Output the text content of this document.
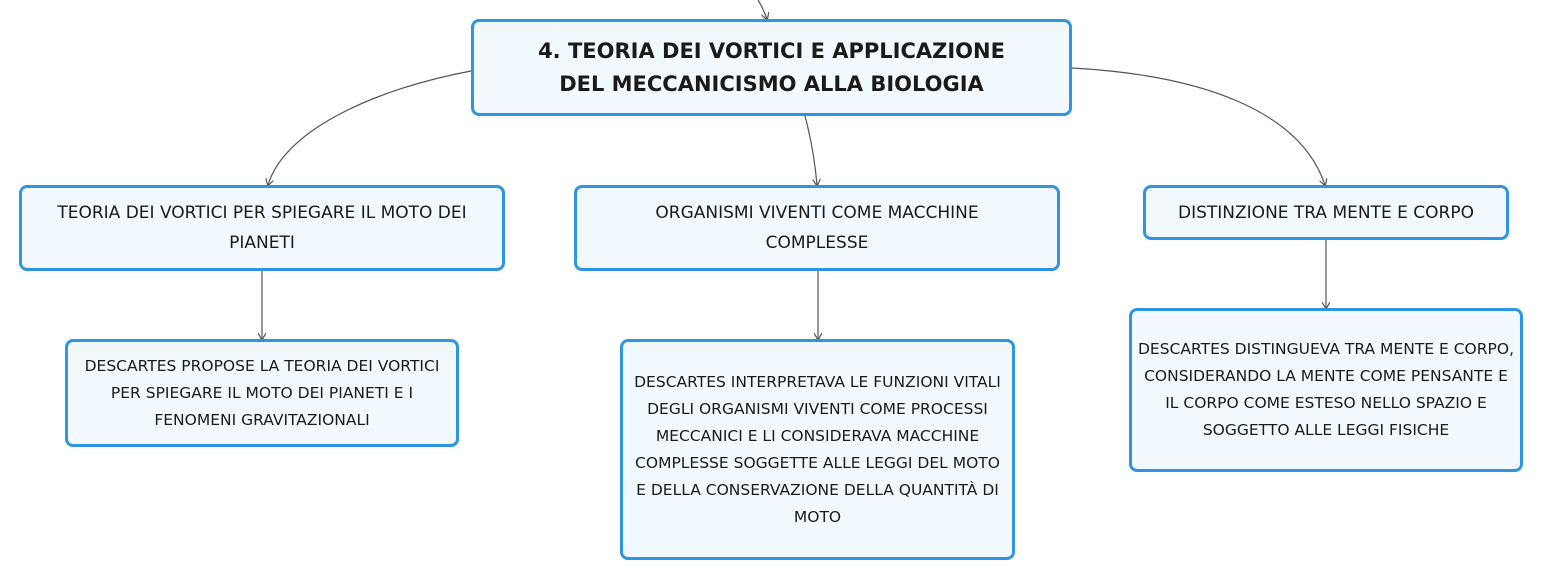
4. TEORIA DEI VORTICI E APPLICAZIONE DEL MECCANICISMO ALLA BIOLOGIA
TEORIA DEI VORTICI PER SPIEGARE IL MOTO DEI PIANETI
ORGANISMI VIVENTI COME MACCHINE COMPLESSE
DISTINZIONE TRA MENTE E CORPO
DESCARTES PROPOSE LA TEORIA DEI VORTICI PER SPIEGARE IL MOTO DEI PIANETI E I FENOMENI GRAVITAZIONALI
DESCARTES INTERPRETAVA LE FUNZIONI VITALI DEGLI ORGANISMI VIVENTI COME PROCESSI MECCANICI E LI CONSIDERAVA MACCHINE COMPLESSE SOGGETTE ALLE LEGGI DEL MOTO E DELLA CONSERVAZIONE DELLA QUANTITÀ DI MOTO
DESCARTES DISTINGUEVA TRA MENTE E CORPO, CONSIDERANDO LA MENTE COME PENSANTE E IL CORPO COME ESTESO NELLO SPAZIO E SOGGETTO ALLE LEGGI FISICHE
